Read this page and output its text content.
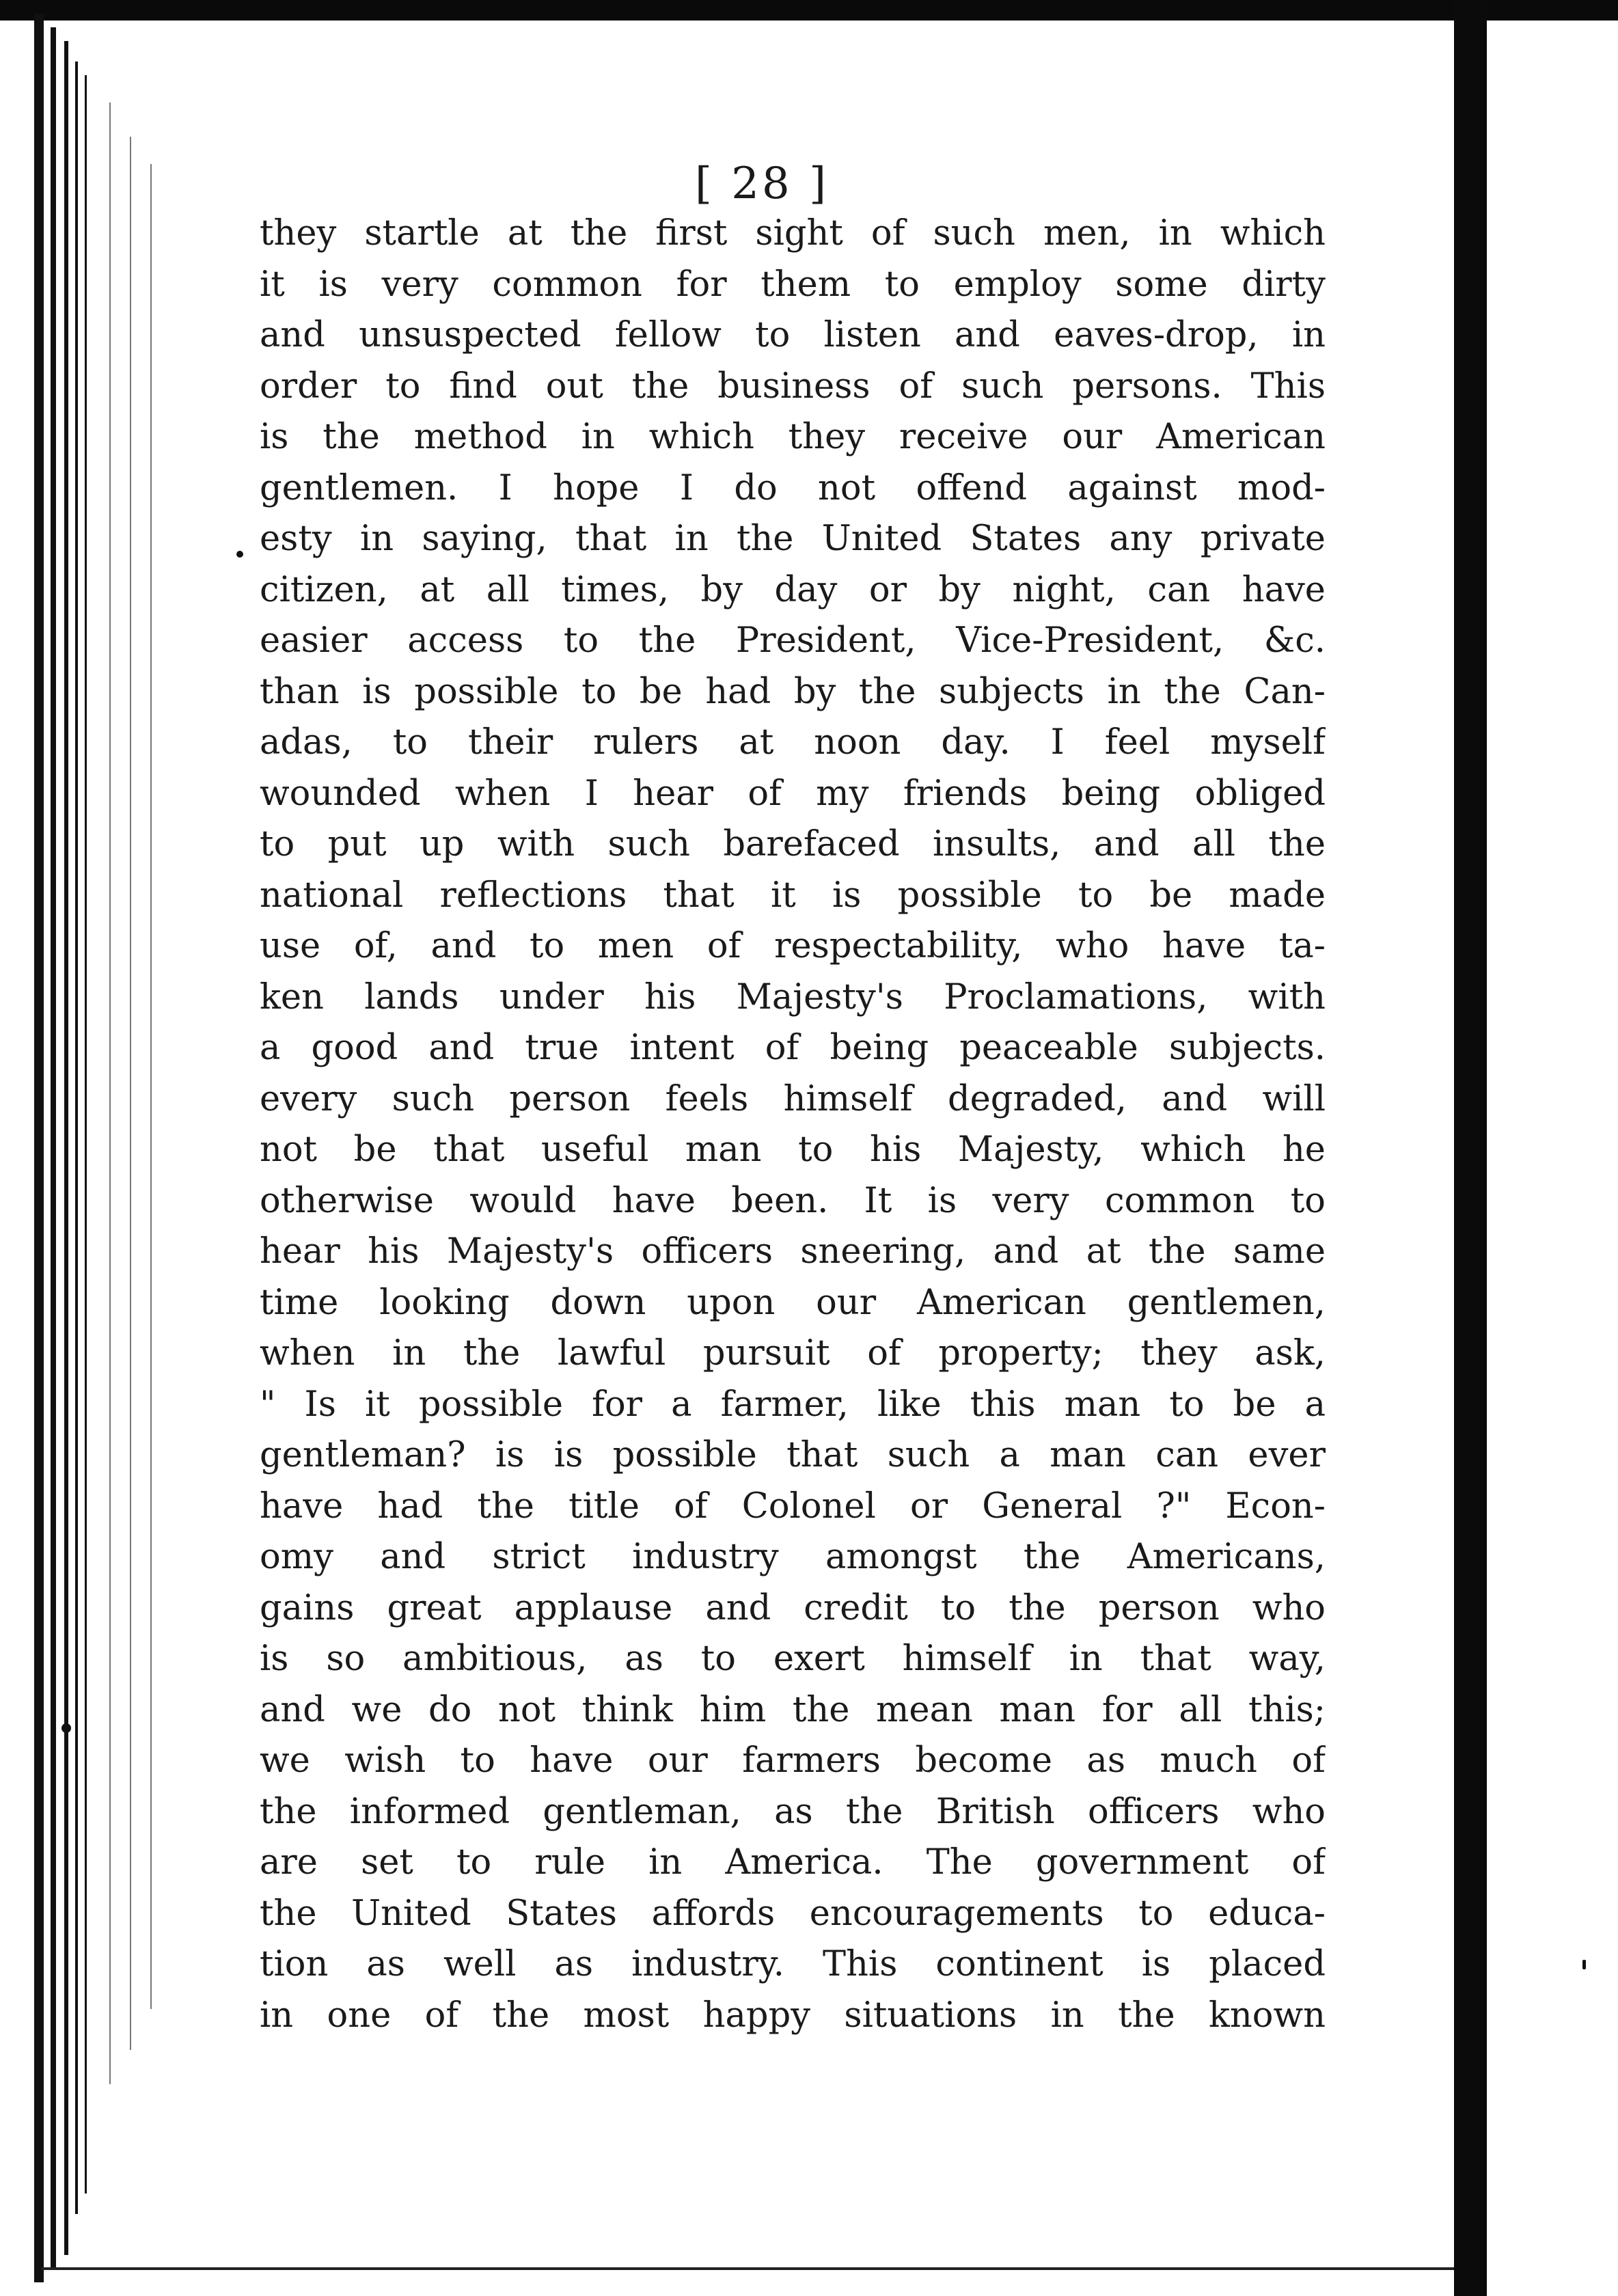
[ 28 ]
they startle at the first sight of such men, in which
it is very common for them to employ some dirty
and unsuspected fellow to listen and eaves-drop, in
order to find out the business of such persons. This
is the method in which they receive our American
gentlemen. I hope I do not offend against mod-
esty in saying, that in the United States any private
citizen, at all times, by day or by night, can have
easier access to the President, Vice-President, &c.
than is possible to be had by the subjects in the Can-
adas, to their rulers at noon day. I feel myself
wounded when I hear of my friends being obliged
to put up with such barefaced insults, and all the
national reflections that it is possible to be made
use of, and to men of respectability, who have ta-
ken lands under his Majesty's Proclamations, with
a good and true intent of being peaceable subjects.
every such person feels himself degraded, and will
not be that useful man to his Majesty, which he
otherwise would have been. It is very common to
hear his Majesty's officers sneering, and at the same
time looking down upon our American gentlemen,
when in the lawful pursuit of property; they ask,
" Is it possible for a farmer, like this man to be a
gentleman? is is possible that such a man can ever
have had the title of Colonel or General ?" Econ-
omy and strict industry amongst the Americans,
gains great applause and credit to the person who
is so ambitious, as to exert himself in that way,
and we do not think him the mean man for all this;
we wish to have our farmers become as much of
the informed gentleman, as the British officers who
are set to rule in America. The government of
the United States affords encouragements to educa-
tion as well as industry. This continent is placed
in one of the most happy situations in the known
